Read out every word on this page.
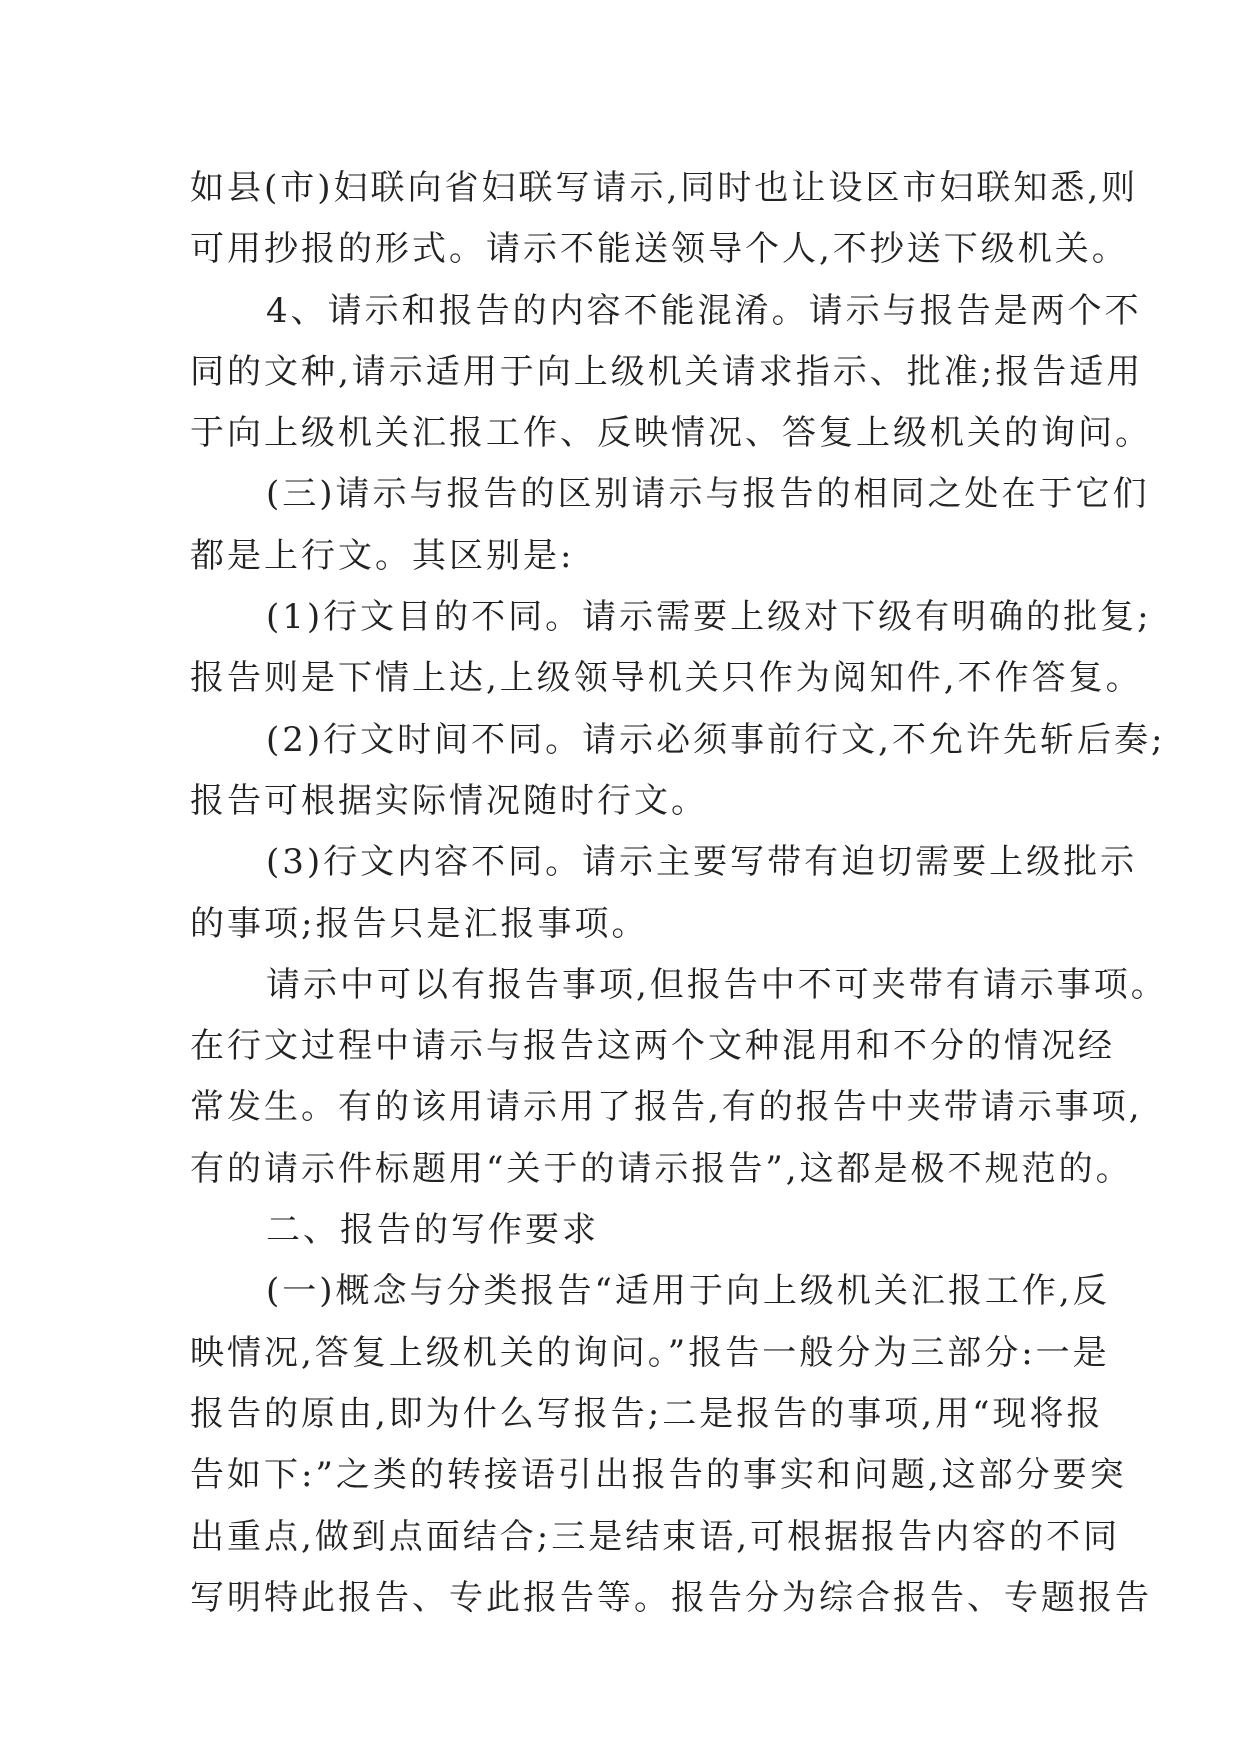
如县(市)妇联向省妇联写请示,同时也让设区市妇联知悉,则
可用抄报的形式。请示不能送领导个人,不抄送下级机关。
4、请示和报告的内容不能混淆。请示与报告是两个不
同的文种,请示适用于向上级机关请求指示、批准;报告适用
于向上级机关汇报工作、反映情况、答复上级机关的询问。
(三)请示与报告的区别请示与报告的相同之处在于它们
都是上行文。其区别是:
(1)行文目的不同。请示需要上级对下级有明确的批复;
报告则是下情上达,上级领导机关只作为阅知件,不作答复。
(2)行文时间不同。请示必须事前行文,不允许先斩后奏;
报告可根据实际情况随时行文。
(3)行文内容不同。请示主要写带有迫切需要上级批示
的事项;报告只是汇报事项。
请示中可以有报告事项,但报告中不可夹带有请示事项。
在行文过程中请示与报告这两个文种混用和不分的情况经
常发生。有的该用请示用了报告,有的报告中夹带请示事项,
有的请示件标题用“关于的请示报告”,这都是极不规范的。
二、报告的写作要求
(一)概念与分类报告“适用于向上级机关汇报工作,反
映情况,答复上级机关的询问。”报告一般分为三部分:一是
报告的原由,即为什么写报告;二是报告的事项,用“现将报
告如下:”之类的转接语引出报告的事实和问题,这部分要突
出重点,做到点面结合;三是结束语,可根据报告内容的不同
写明特此报告、专此报告等。报告分为综合报告、专题报告
